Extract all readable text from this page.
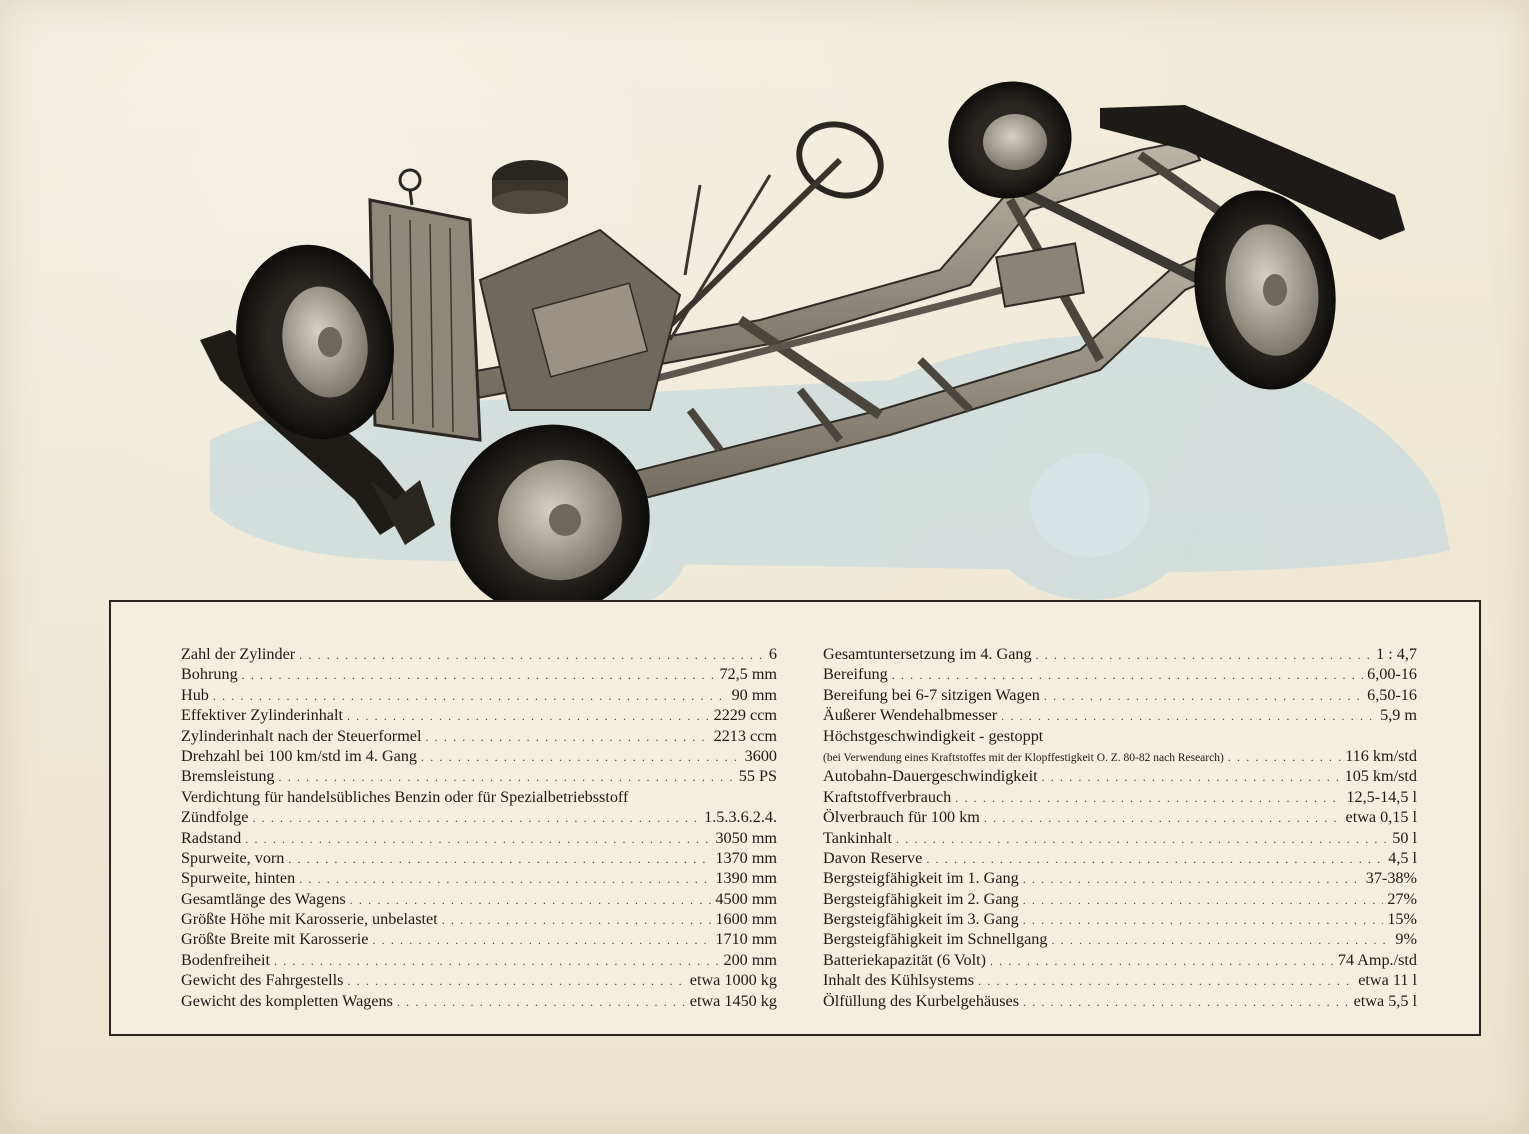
Zahl der Zylinder . . .	6
Bohrung . . .	72,5 mm
Hub . . .	90 mm
Effektiver Zylinderinhalt . . .	2229 ccm
Zylinderinhalt nach der Steuerformel . . .	2213 ccm
Drehzahl bei 100 km/std im 4. Gang . . .	3600
Bremsleistung . . .	55 PS
Verdichtung für handelsübliches Benzin oder für Spezialbetriebsstoff
Zündfolge . . .	1.5.3.6.2.4.
Radstand . . .	3050 mm
Spurweite, vorn . . .	1370 mm
Spurweite, hinten . . .	1390 mm
Gesamtlänge des Wagens . . .	4500 mm
Größte Höhe mit Karosserie, unbelastet . . .	1600 mm
Größte Breite mit Karosserie . . .	1710 mm
Bodenfreiheit . . .	200 mm
Gewicht des Fahrgestells . . .	etwa 1000 kg
Gewicht des kompletten Wagens . . .	etwa 1450 kg
Gesamtuntersetzung im 4. Gang . . .	1 : 4,7
Bereifung . . .	6,00-16
Bereifung bei 6-7 sitzigen Wagen . . .	6,50-16
Äußerer Wendehalbmesser . . .	5,9 m
Höchstgeschwindigkeit - gestoppt
(bei Verwendung eines Kraftstoffes mit der Klopffestigkeit O. Z. 80-82 nach Research) . . .	116 km/std
Autobahn-Dauergeschwindigkeit . . .	105 km/std
Kraftstoffverbrauch . . .	12,5-14,5 l
Ölverbrauch für 100 km . . .	etwa 0,15 l
Tankinhalt . . .	50 l
Davon Reserve . . .	4,5 l
Bergsteigfähigkeit im 1. Gang . . .	37-38%
Bergsteigfähigkeit im 2. Gang . . .	27%
Bergsteigfähigkeit im 3. Gang . . .	15%
Bergsteigfähigkeit im Schnellgang . . .	9%
Batteriekapazität (6 Volt) . . .	74 Amp./std
Inhalt des Kühlsystems . . .	etwa 11 l
Ölfüllung des Kurbelgehäuses . . .	etwa 5,5 l
